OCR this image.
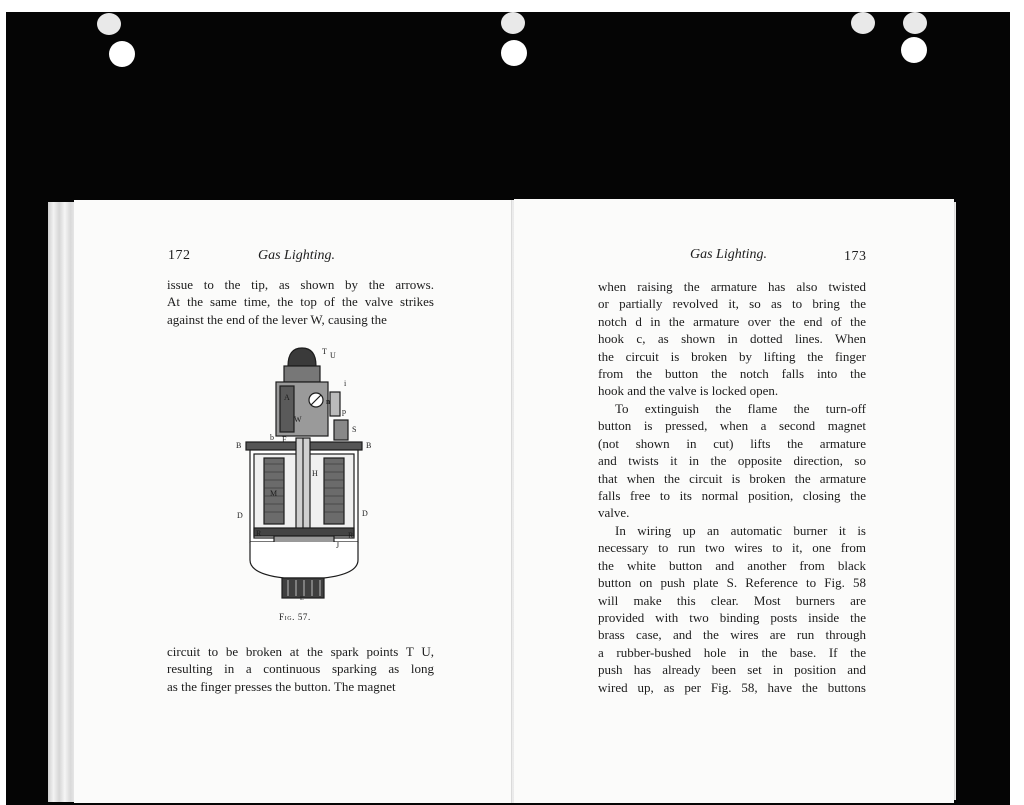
172	Gas Lighting.
issue to the tip, as shown by the arrows.
At the same time, the top of the valve strikes
against the end of the lever W, causing the
T U
i
A	n
p
S
W
b F
B	B
H
M
D	D
R	R
J
E
Fig. 57.
circuit to be broken at the spark points T U,
resulting in a continuous sparking as long
as the finger presses the button. The magnet
Gas Lighting.	173
when raising the armature has also twisted
or partially revolved it, so as to bring the
notch d in the armature over the end of the
hook c, as shown in dotted lines. When
the circuit is broken by lifting the finger
from the button the notch falls into the
hook and the valve is locked open.
To extinguish the flame the turn-off
button is pressed, when a second magnet
(not shown in cut) lifts the armature
and twists it in the opposite direction, so
that when the circuit is broken the armature
falls free to its normal position, closing the
valve.
In wiring up an automatic burner it is
necessary to run two wires to it, one from
the white button and another from black
button on push plate S. Reference to Fig. 58
will make this clear. Most burners are
provided with two binding posts inside the
brass case, and the wires are run through
a rubber-bushed hole in the base. If the
push has already been set in position and
wired up, as per Fig. 58, have the buttons
